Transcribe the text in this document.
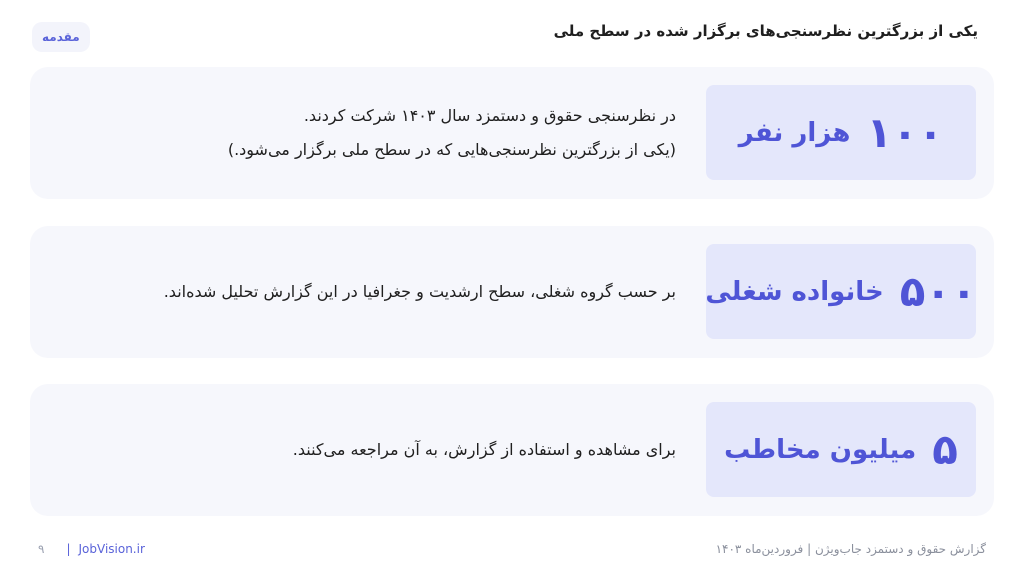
یکی از بزرگترین نظرسنجی‌های برگزار شده در سطح ملی
مقدمه
۱۰۰
هزار نفر
در نظرسنجی حقوق و دستمزد سال ۱۴۰۳ شرکت کردند.
(یکی از بزرگترین نظرسنجی‌هایی که در سطح ملی برگزار می‌شود.)
۵۰۰
خانواده شغلی
بر حسب گروه شغلی، سطح ارشدیت و جغرافیا در این گزارش تحلیل شده‌اند.
۵
میلیون مخاطب
برای مشاهده و استفاده از گزارش، به آن مراجعه می‌کنند.
۹ | JobVision.ir	گزارش حقوق و دستمزد جاب‌ویژن | فروردین‌ماه ۱۴۰۳
